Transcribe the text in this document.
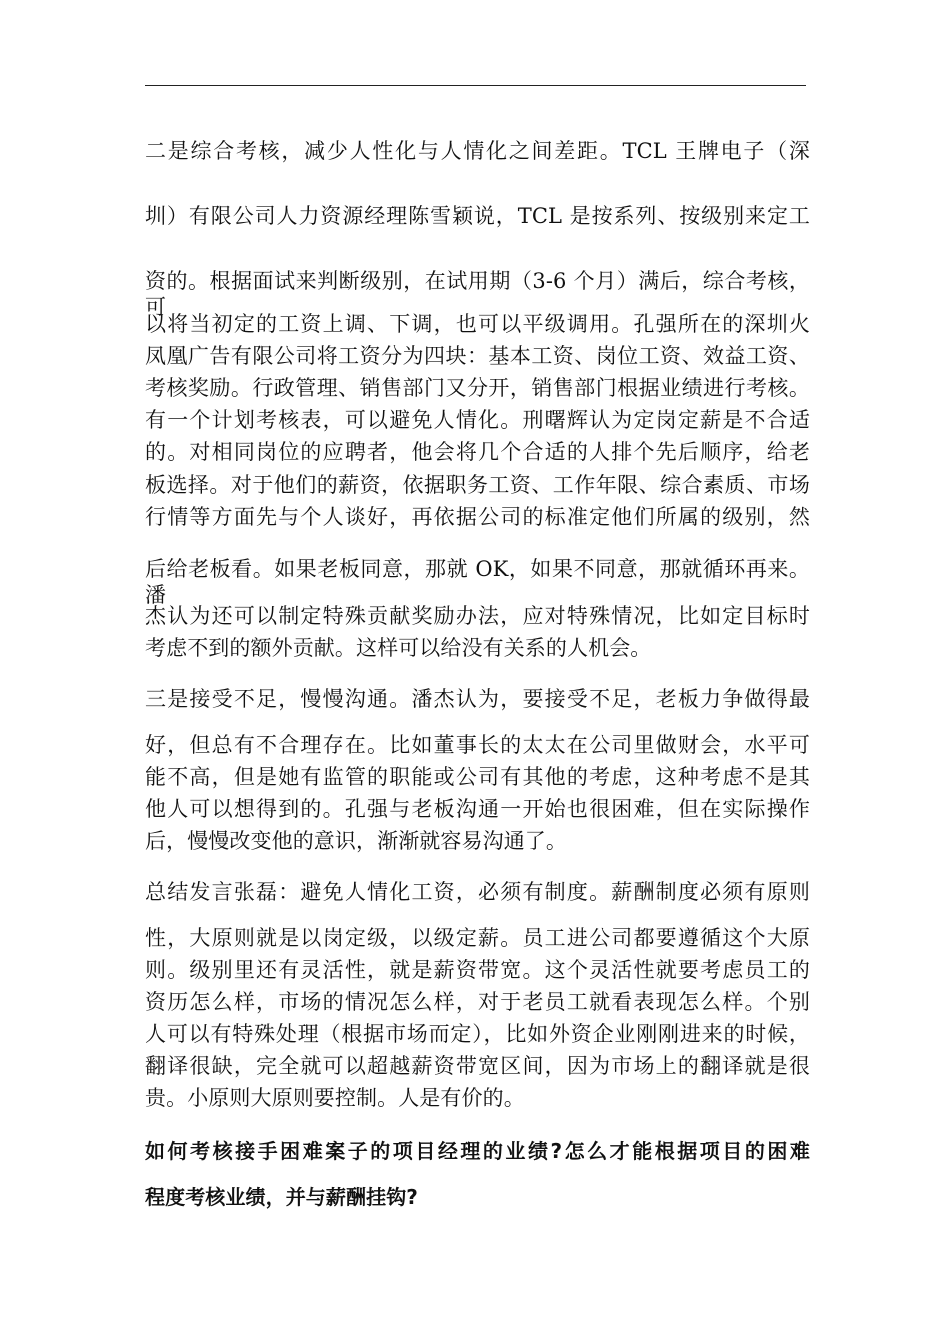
二是综合考核，减少人性化与人情化之间差距。TCL 王牌电子（深
圳）有限公司人力资源经理陈雪颖说，TCL 是按系列、按级别来定工
资的。根据面试来判断级别，在试用期（3-6 个月）满后，综合考核，可
以将当初定的工资上调、下调，也可以平级调用。孔强所在的深圳火
凤凰广告有限公司将工资分为四块：基本工资、岗位工资、效益工资、
考核奖励。行政管理、销售部门又分开，销售部门根据业绩进行考核。
有一个计划考核表，可以避免人情化。刑曙辉认为定岗定薪是不合适
的。对相同岗位的应聘者，他会将几个合适的人排个先后顺序，给老
板选择。对于他们的薪资，依据职务工资、工作年限、综合素质、市场
行情等方面先与个人谈好，再依据公司的标准定他们所属的级别，然
后给老板看。如果老板同意，那就 OK，如果不同意，那就循环再来。潘
杰认为还可以制定特殊贡献奖励办法，应对特殊情况，比如定目标时
考虑不到的额外贡献。这样可以给没有关系的人机会。
三是接受不足，慢慢沟通。潘杰认为，要接受不足，老板力争做得最
好，但总有不合理存在。比如董事长的太太在公司里做财会，水平可
能不高，但是她有监管的职能或公司有其他的考虑，这种考虑不是其
他人可以想得到的。孔强与老板沟通一开始也很困难，但在实际操作
后，慢慢改变他的意识，渐渐就容易沟通了。
总结发言张磊：避免人情化工资，必须有制度。薪酬制度必须有原则
性，大原则就是以岗定级，以级定薪。员工进公司都要遵循这个大原
则。级别里还有灵活性，就是薪资带宽。这个灵活性就要考虑员工的
资历怎么样，市场的情况怎么样，对于老员工就看表现怎么样。个别
人可以有特殊处理（根据市场而定），比如外资企业刚刚进来的时候，
翻译很缺，完全就可以超越薪资带宽区间，因为市场上的翻译就是很
贵。小原则大原则要控制。人是有价的。
如何考核接手困难案子的项目经理的业绩?怎么才能根据项目的困难
程度考核业绩，并与薪酬挂钩?
